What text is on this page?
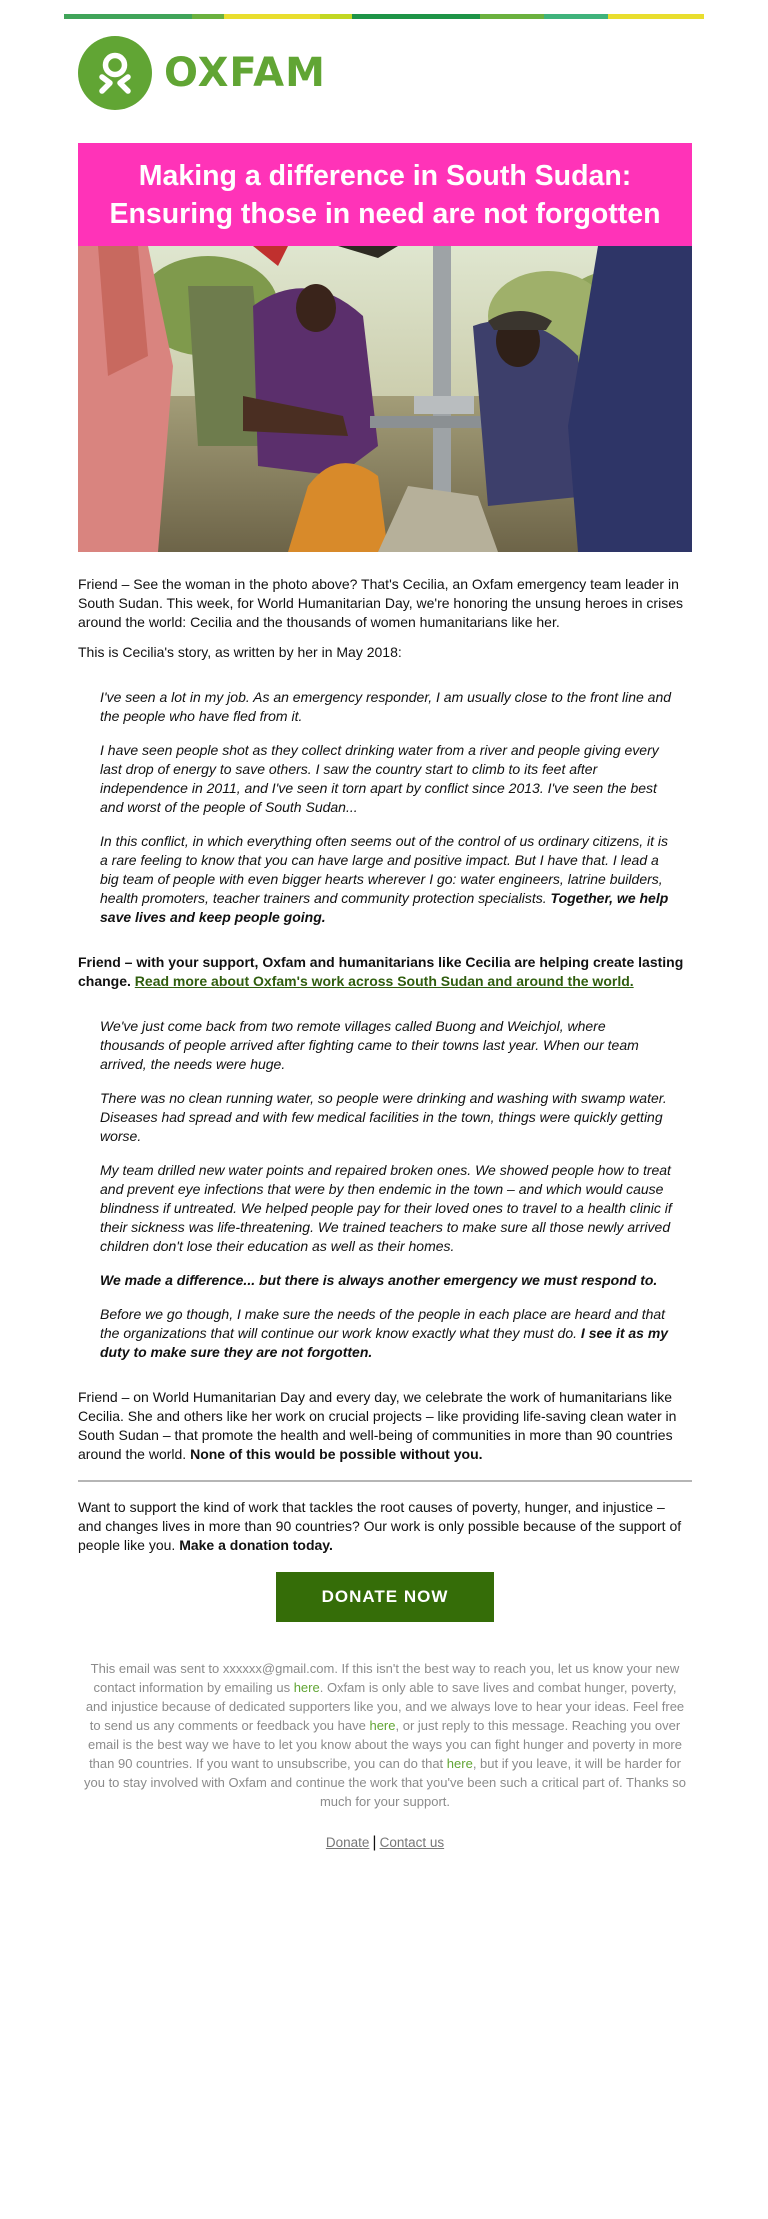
OXFAM
Making a difference in South Sudan:
Ensuring those in need are not forgotten

Friend – See the woman in the photo above? That's Cecilia, an Oxfam emergency team leader in South Sudan. This week, for World Humanitarian Day, we're honoring the unsung heroes in crises around the world: Cecilia and the thousands of women humanitarians like her.

This is Cecilia's story, as written by her in May 2018:

I've seen a lot in my job. As an emergency responder, I am usually close to the front line and the people who have fled from it.

I have seen people shot as they collect drinking water from a river and people giving every last drop of energy to save others. I saw the country start to climb to its feet after independence in 2011, and I've seen it torn apart by conflict since 2013. I've seen the best and worst of the people of South Sudan...

In this conflict, in which everything often seems out of the control of us ordinary citizens, it is a rare feeling to know that you can have large and positive impact. But I have that. I lead a big team of people with even bigger hearts wherever I go: water engineers, latrine builders, health promoters, teacher trainers and community protection specialists. Together, we help save lives and keep people going.

Friend – with your support, Oxfam and humanitarians like Cecilia are helping create lasting change. Read more about Oxfam's work across South Sudan and around the world.

We've just come back from two remote villages called Buong and Weichjol, where thousands of people arrived after fighting came to their towns last year. When our team arrived, the needs were huge.

There was no clean running water, so people were drinking and washing with swamp water. Diseases had spread and with few medical facilities in the town, things were quickly getting worse.

My team drilled new water points and repaired broken ones. We showed people how to treat and prevent eye infections that were by then endemic in the town – and which would cause blindness if untreated. We helped people pay for their loved ones to travel to a health clinic if their sickness was life-threatening. We trained teachers to make sure all those newly arrived children don't lose their education as well as their homes.

We made a difference... but there is always another emergency we must respond to.

Before we go though, I make sure the needs of the people in each place are heard and that the organizations that will continue our work know exactly what they must do. I see it as my duty to make sure they are not forgotten.

Friend – on World Humanitarian Day and every day, we celebrate the work of humanitarians like Cecilia. She and others like her work on crucial projects – like providing life-saving clean water in South Sudan – that promote the health and well-being of communities in more than 90 countries around the world. None of this would be possible without you.

Want to support the kind of work that tackles the root causes of poverty, hunger, and injustice – and changes lives in more than 90 countries? Our work is only possible because of the support of people like you. Make a donation today.

DONATE NOW
This email was sent to xxxxxx@gmail.com. If this isn't the best way to reach you, let us know your new contact information by emailing us here. Oxfam is only able to save lives and combat hunger, poverty, and injustice because of dedicated supporters like you, and we always love to hear your ideas. Feel free to send us any comments or feedback you have here, or just reply to this message. Reaching you over email is the best way we have to let you know about the ways you can fight hunger and poverty in more than 90 countries. If you want to unsubscribe, you can do that here, but if you leave, it will be harder for you to stay involved with Oxfam and continue the work that you've been such a critical part of. Thanks so much for your support.
Donate | Contact us
